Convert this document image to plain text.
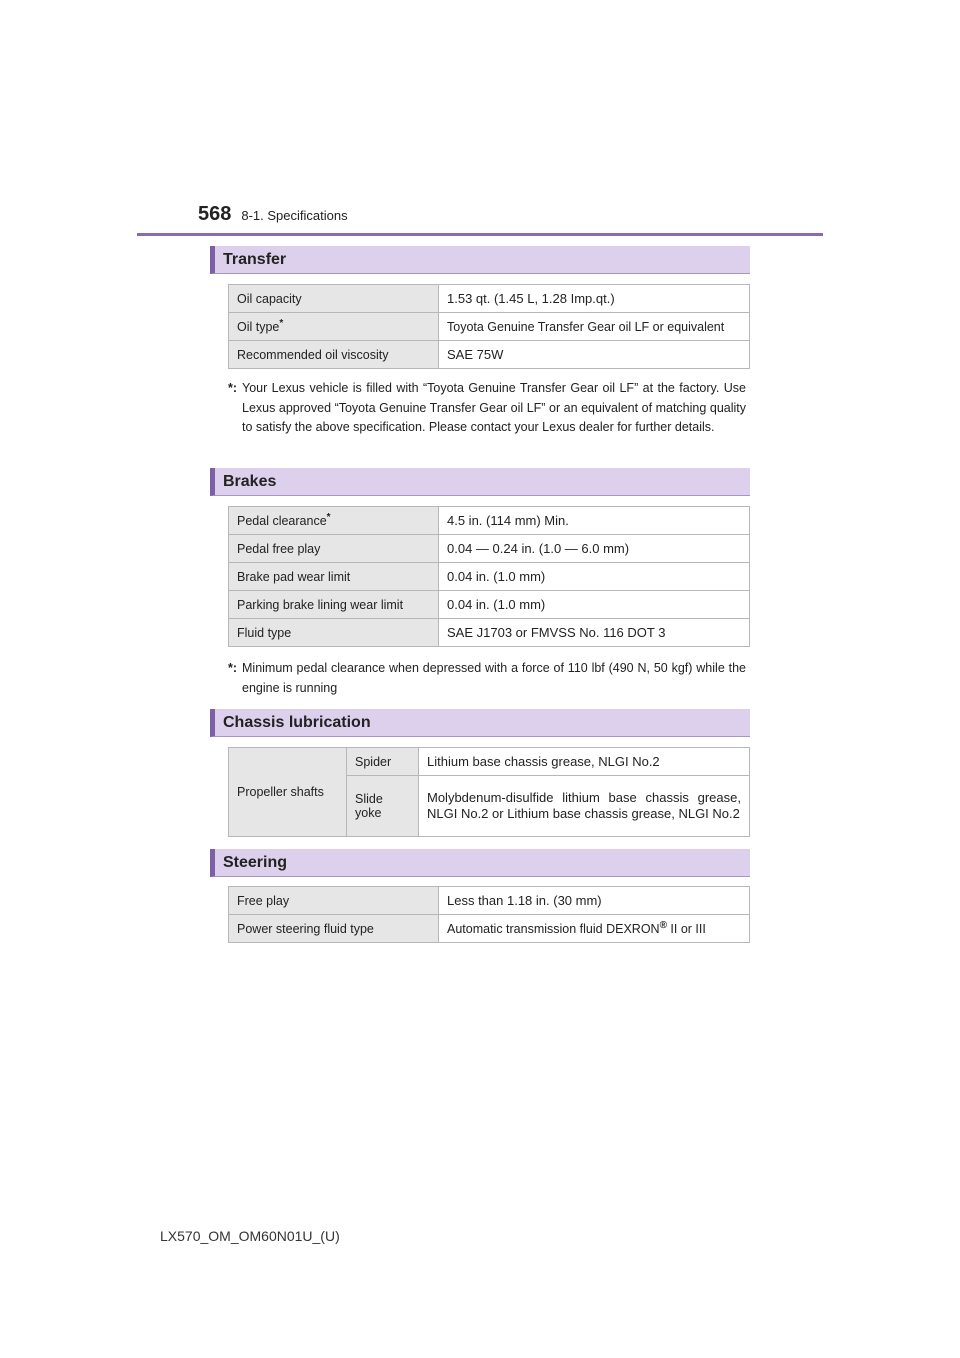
568 8-1. Specifications
Transfer
Oil capacity	1.53 qt. (1.45 L, 1.28 Imp.qt.)
Oil type*	Toyota Genuine Transfer Gear oil LF or equivalent
Recommended oil viscosity	SAE 75W
*: Your Lexus vehicle is filled with “Toyota Genuine Transfer Gear oil LF” at the factory. Use Lexus approved “Toyota Genuine Transfer Gear oil LF” or an equivalent of matching quality to satisfy the above specification. Please contact your Lexus dealer for further details.
Brakes
Pedal clearance*	4.5 in. (114 mm) Min.
Pedal free play	0.04 — 0.24 in. (1.0 — 6.0 mm)
Brake pad wear limit	0.04 in. (1.0 mm)
Parking brake lining wear limit	0.04 in. (1.0 mm)
Fluid type	SAE J1703 or FMVSS No. 116 DOT 3
*: Minimum pedal clearance when depressed with a force of 110 lbf (490 N, 50 kgf) while the engine is running
Chassis lubrication
Propeller shafts	Spider	Lithium base chassis grease, NLGI No.2
	Slide yoke	Molybdenum-disulfide lithium base chassis grease, NLGI No.2 or Lithium base chassis grease, NLGI No.2
Steering
Free play	Less than 1.18 in. (30 mm)
Power steering fluid type	Automatic transmission fluid DEXRON® II or III
LX570_OM_OM60N01U_(U)
